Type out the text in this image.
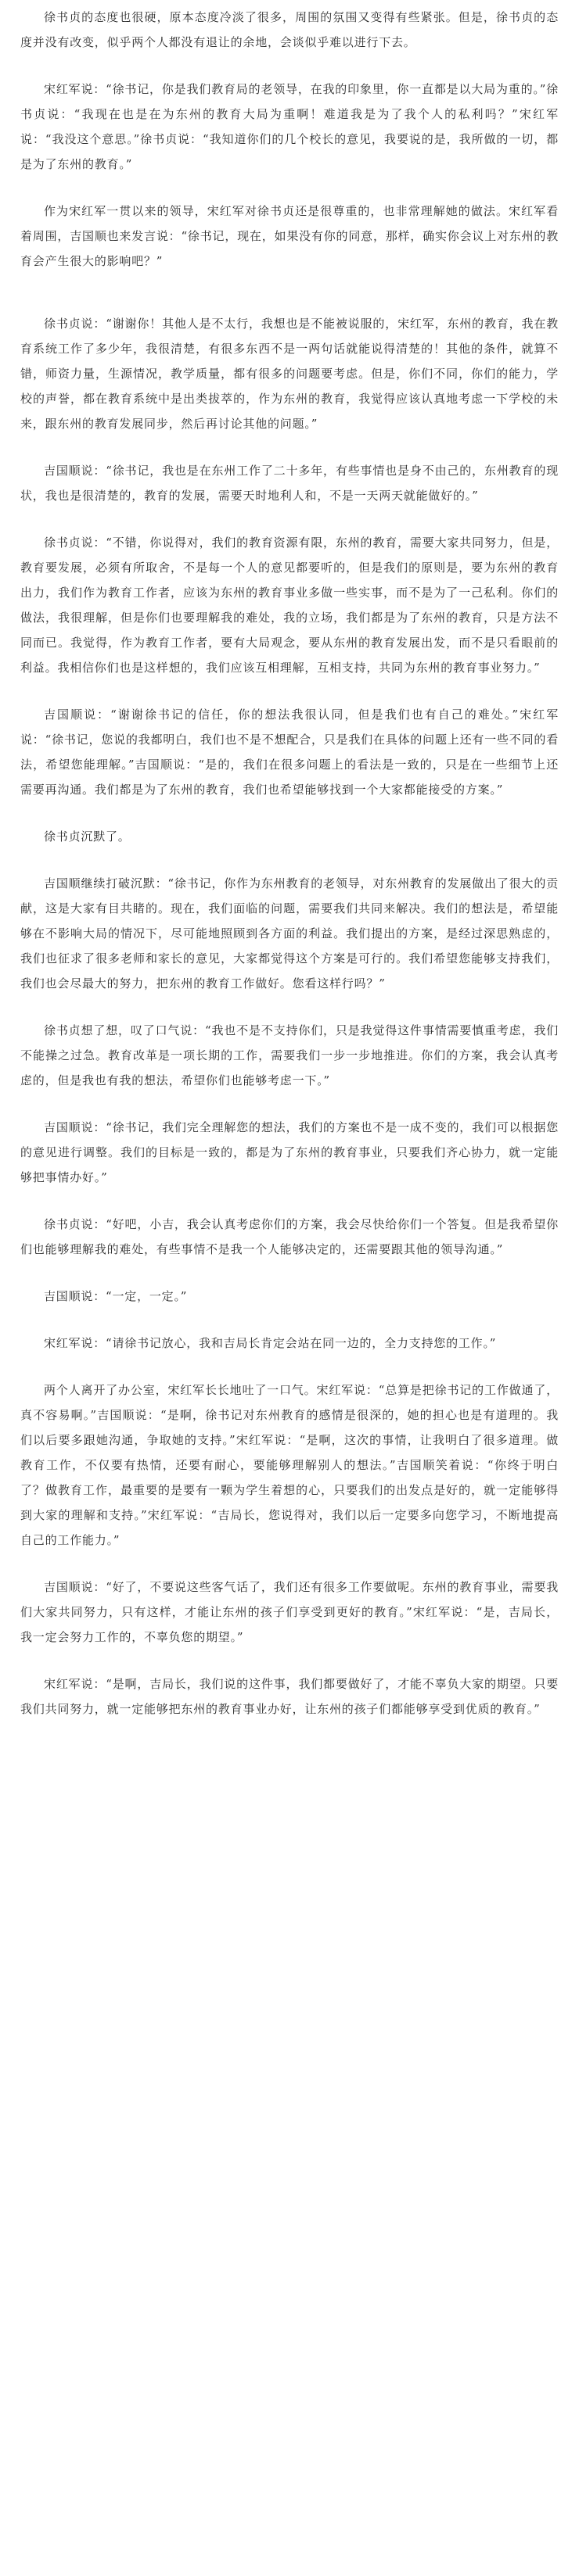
徐书贞的态度也很硬，原本态度冷淡了很多，周围的氛围又变得有些紧张。但是，徐书贞的态度并没有改变，似乎两个人都没有退让的余地，会谈似乎难以进行下去。

宋红军说：“徐书记，你是我们教育局的老领导，在我的印象里，你一直都是以大局为重的。”徐书贞说：“我现在也是在为东州的教育大局为重啊！难道我是为了我个人的私利吗？”宋红军说：“我没这个意思。”徐书贞说：“我知道你们的几个校长的意见，我要说的是，我所做的一切，都是为了东州的教育。”

作为宋红军一贯以来的领导，宋红军对徐书贞还是很尊重的，也非常理解她的做法。宋红军看着周围，吉国顺也来发言说：“徐书记，现在，如果没有你的同意，那样，确实你会议上对东州的教育会产生很大的影响吧？”

徐书贞说：“谢谢你！其他人是不太行，我想也是不能被说服的，宋红军，东州的教育，我在教育系统工作了多少年，我很清楚，有很多东西不是一两句话就能说得清楚的！其他的条件，就算不错，师资力量，生源情况，教学质量，都有很多的问题要考虑。但是，你们不同，你们的能力，学校的声誉，都在教育系统中是出类拔萃的，作为东州的教育，我觉得应该认真地考虑一下学校的未来，跟东州的教育发展同步，然后再讨论其他的问题。”

吉国顺说：“徐书记，我也是在东州工作了二十多年，有些事情也是身不由己的，东州教育的现状，我也是很清楚的，教育的发展，需要天时地利人和，不是一天两天就能做好的。”

徐书贞说：“不错，你说得对，我们的教育资源有限，东州的教育，需要大家共同努力，但是，教育要发展，必须有所取舍，不是每一个人的意见都要听的，但是我们的原则是，要为东州的教育出力，我们作为教育工作者，应该为东州的教育事业多做一些实事，而不是为了一己私利。你们的做法，我很理解，但是你们也要理解我的难处，我的立场，我们都是为了东州的教育，只是方法不同而已。我觉得，作为教育工作者，要有大局观念，要从东州的教育发展出发，而不是只看眼前的利益。我相信你们也是这样想的，我们应该互相理解，互相支持，共同为东州的教育事业努力。”

吉国顺说：“谢谢徐书记的信任，你的想法我很认同，但是我们也有自己的难处。”宋红军说：“徐书记，您说的我都明白，我们也不是不想配合，只是我们在具体的问题上还有一些不同的看法，希望您能理解。”吉国顺说：“是的，我们在很多问题上的看法是一致的，只是在一些细节上还需要再沟通。我们都是为了东州的教育，我们也希望能够找到一个大家都能接受的方案。”

徐书贞沉默了。

吉国顺继续打破沉默：“徐书记，你作为东州教育的老领导，对东州教育的发展做出了很大的贡献，这是大家有目共睹的。现在，我们面临的问题，需要我们共同来解决。我们的想法是，希望能够在不影响大局的情况下，尽可能地照顾到各方面的利益。我们提出的方案，是经过深思熟虑的，我们也征求了很多老师和家长的意见，大家都觉得这个方案是可行的。我们希望您能够支持我们，我们也会尽最大的努力，把东州的教育工作做好。您看这样行吗？”

徐书贞想了想，叹了口气说：“我也不是不支持你们，只是我觉得这件事情需要慎重考虑，我们不能操之过急。教育改革是一项长期的工作，需要我们一步一步地推进。你们的方案，我会认真考虑的，但是我也有我的想法，希望你们也能够考虑一下。”

吉国顺说：“徐书记，我们完全理解您的想法，我们的方案也不是一成不变的，我们可以根据您的意见进行调整。我们的目标是一致的，都是为了东州的教育事业，只要我们齐心协力，就一定能够把事情办好。”

徐书贞说：“好吧，小吉，我会认真考虑你们的方案，我会尽快给你们一个答复。但是我希望你们也能够理解我的难处，有些事情不是我一个人能够决定的，还需要跟其他的领导沟通。”

吉国顺说：“一定，一定。”

宋红军说：“请徐书记放心，我和吉局长肯定会站在同一边的，全力支持您的工作。”

两个人离开了办公室，宋红军长长地吐了一口气。宋红军说：“总算是把徐书记的工作做通了，真不容易啊。”吉国顺说：“是啊，徐书记对东州教育的感情是很深的，她的担心也是有道理的。我们以后要多跟她沟通，争取她的支持。”宋红军说：“是啊，这次的事情，让我明白了很多道理。做教育工作，不仅要有热情，还要有耐心，要能够理解别人的想法。”吉国顺笑着说：“你终于明白了？做教育工作，最重要的是要有一颗为学生着想的心，只要我们的出发点是好的，就一定能够得到大家的理解和支持。”宋红军说：“吉局长，您说得对，我们以后一定要多向您学习，不断地提高自己的工作能力。”

吉国顺说：“好了，不要说这些客气话了，我们还有很多工作要做呢。东州的教育事业，需要我们大家共同努力，只有这样，才能让东州的孩子们享受到更好的教育。”宋红军说：“是，吉局长，我一定会努力工作的，不辜负您的期望。”

宋红军说：“是啊，吉局长，我们说的这件事，我们都要做好了，才能不辜负大家的期望。只要我们共同努力，就一定能够把东州的教育事业办好，让东州的孩子们都能够享受到优质的教育。”
